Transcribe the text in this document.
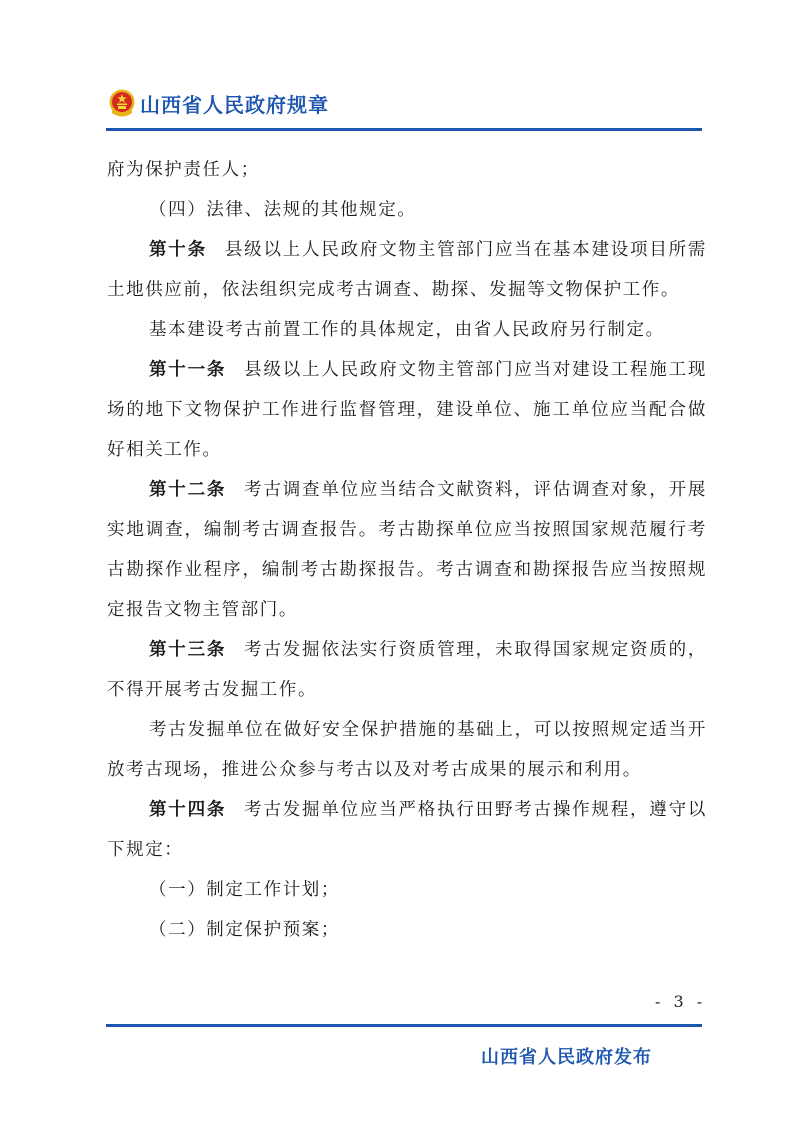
山西省人民政府规章

府为保护责任人；

（四）法律、法规的其他规定。

第十条 县级以上人民政府文物主管部门应当在基本建设项目所需土地供应前，依法组织完成考古调查、勘探、发掘等文物保护工作。

基本建设考古前置工作的具体规定，由省人民政府另行制定。

第十一条 县级以上人民政府文物主管部门应当对建设工程施工现场的地下文物保护工作进行监督管理，建设单位、施工单位应当配合做好相关工作。

第十二条 考古调查单位应当结合文献资料，评估调查对象，开展实地调查，编制考古调查报告。考古勘探单位应当按照国家规范履行考古勘探作业程序，编制考古勘探报告。考古调查和勘探报告应当按照规定报告文物主管部门。

第十三条 考古发掘依法实行资质管理，未取得国家规定资质的，不得开展考古发掘工作。

考古发掘单位在做好安全保护措施的基础上，可以按照规定适当开放考古现场，推进公众参与考古以及对考古成果的展示和利用。

第十四条 考古发掘单位应当严格执行田野考古操作规程，遵守以下规定：

（一）制定工作计划；

（二）制定保护预案；

- 3 -
山西省人民政府发布
